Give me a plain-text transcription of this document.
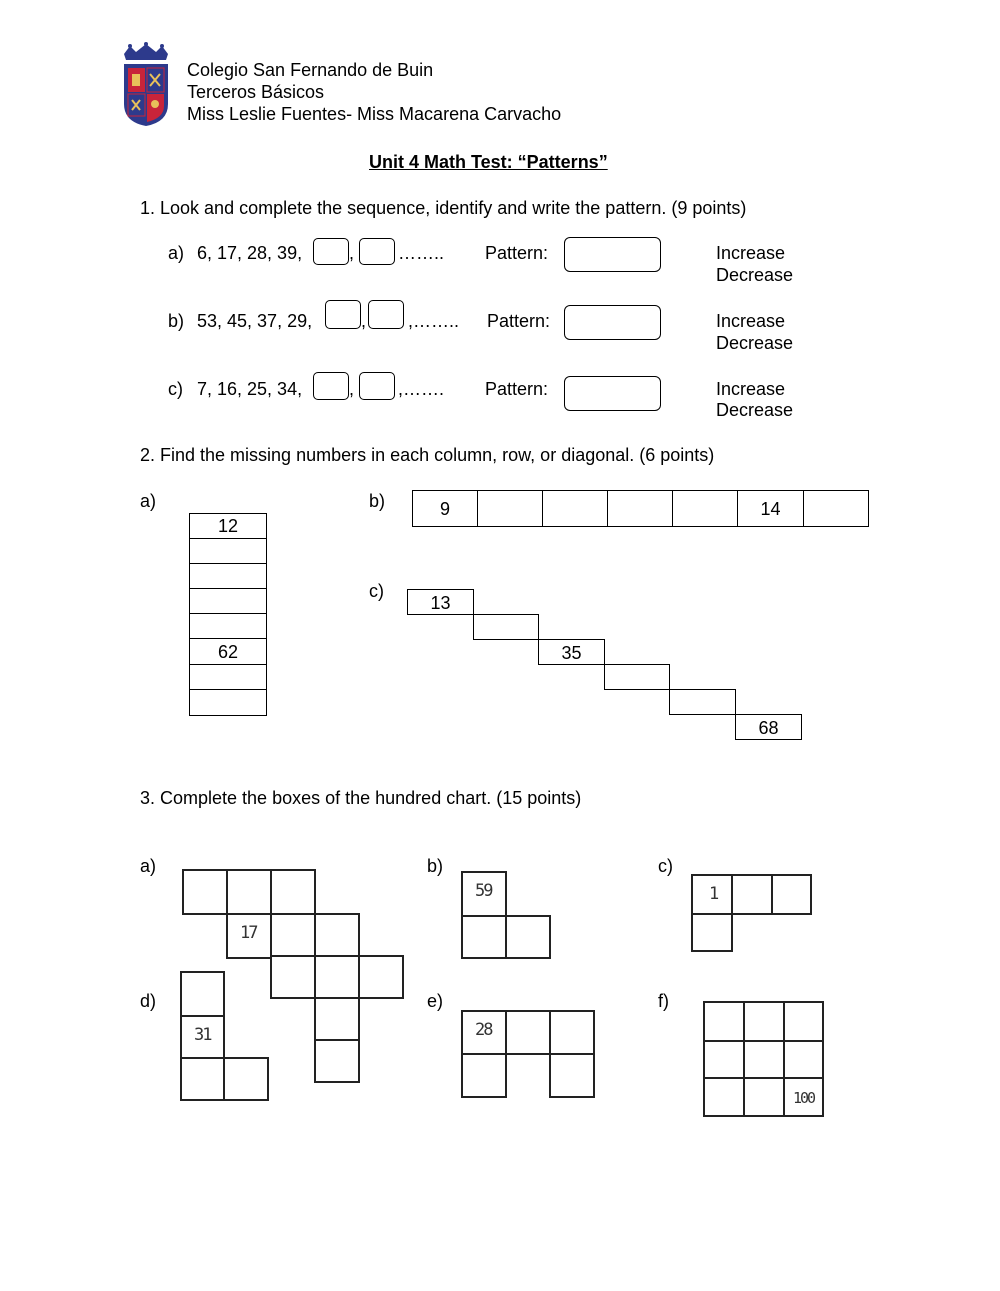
Colegio San Fernando de Buin
Terceros Básicos
Miss Leslie Fuentes- Miss Macarena Carvacho
Unit 4 Math Test: “Patterns”
1. Look and complete the sequence, identify and write the pattern. (9 points)
a) 6, 17, 28, 39,	, …….. Pattern:	Increase
Decrease
b) 53, 45, 37, 29,	, ,…….. Pattern:	Increase
Decrease
c) 7, 16, 25, 34,	, ,……. Pattern:	Increase
Decrease
2. Find the missing numbers in each column, row, or diagonal. (6 points)
a)	b)
c)
12
62
9	14
13
35
68
3. Complete the boxes of the hundred chart. (15 points)
a)	b)	c)
d)	e)	f)
17
59	1
31	28
100
